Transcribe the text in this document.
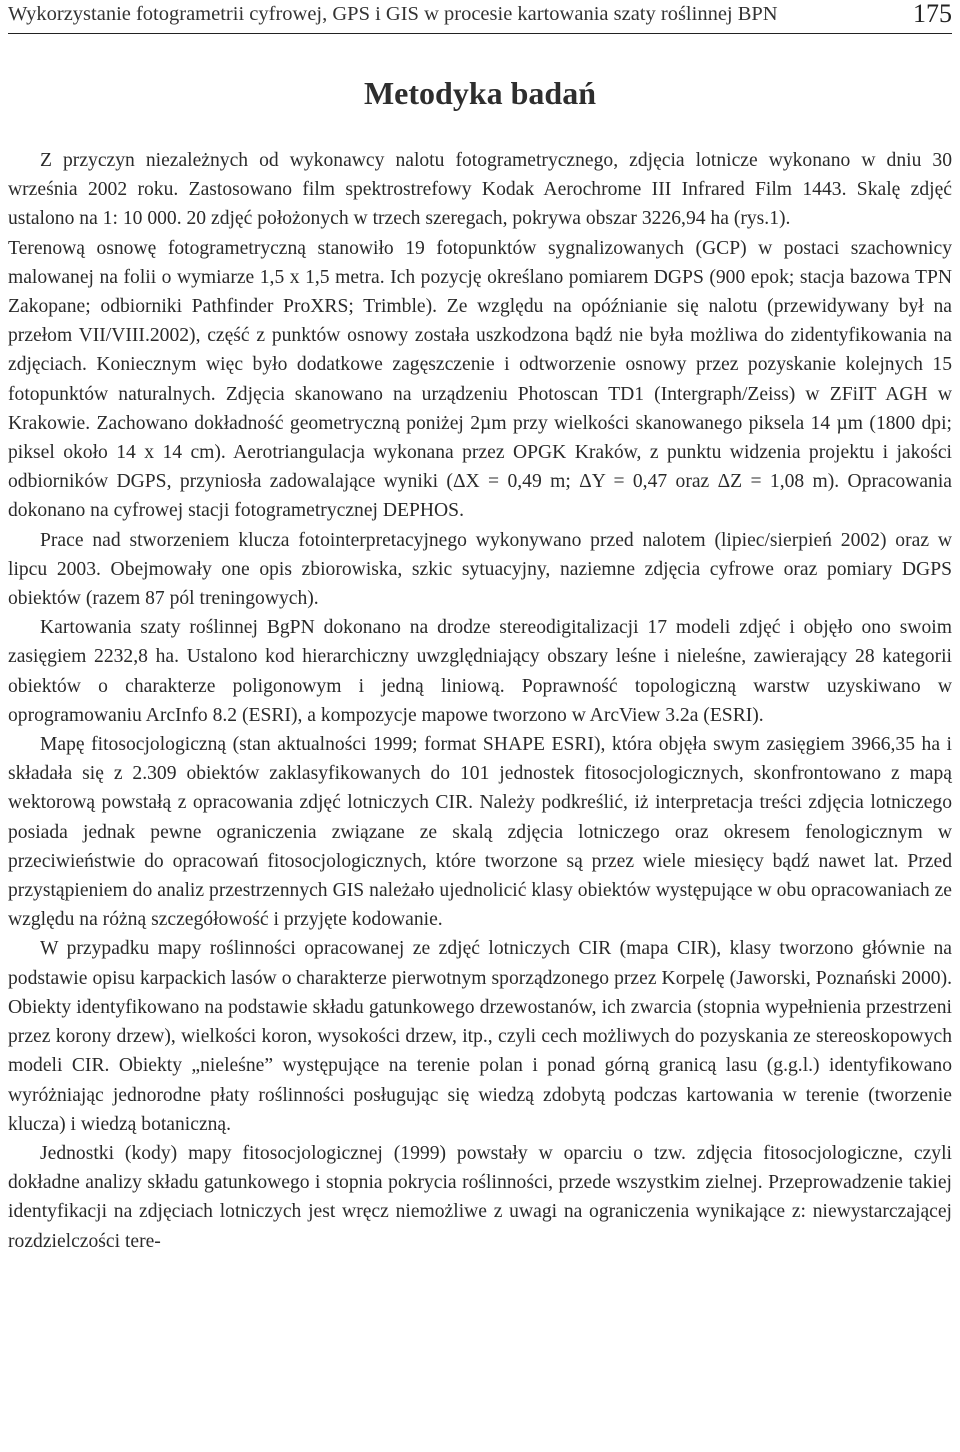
Wykorzystanie fotogrametrii cyfrowej, GPS i GIS w procesie kartowania szaty roślinnej BPN	175
Metodyka badań

Z przyczyn niezależnych od wykonawcy nalotu fotogrametrycznego, zdjęcia lotnicze wykonano w dniu 30 września 2002 roku. Zastosowano film spektrostrefowy Kodak Aerochrome III Infrared Film 1443. Skalę zdjęć ustalono na 1: 10 000. 20 zdjęć położonych w trzech szeregach, pokrywa obszar 3226,94 ha (rys.1).

Terenową osnowę fotogrametryczną stanowiło 19 fotopunktów sygnalizowanych (GCP) w postaci szachownicy malowanej na folii o wymiarze 1,5 x 1,5 metra. Ich pozycję określano pomiarem DGPS (900 epok; stacja bazowa TPN Zakopane; odbiorniki Pathfinder ProXRS; Trimble). Ze względu na opóźnianie się nalotu (przewidywany był na przełom VII/VIII.2002), część z punktów osnowy została uszkodzona bądź nie była możliwa do zidentyfikowania na zdjęciach. Koniecznym więc było dodatkowe zagęszczenie i odtworzenie osnowy przez pozyskanie kolejnych 15 fotopunktów naturalnych. Zdjęcia skanowano na urządzeniu Photoscan TD1 (Intergraph/Zeiss) w ZFiIT AGH w Krakowie. Zachowano dokładność geometryczną poniżej 2µm przy wielkości skanowanego piksela 14 µm (1800 dpi; piksel około 14 x 14 cm). Aerotriangulacja wykonana przez OPGK Kraków, z punktu widzenia projektu i jakości odbiorników DGPS, przyniosła zadowalające wyniki (ΔX = 0,49 m; ΔY = 0,47 oraz ΔZ = 1,08 m). Opracowania dokonano na cyfrowej stacji fotogrametrycznej DEPHOS.

Prace nad stworzeniem klucza fotointerpretacyjnego wykonywano przed nalotem (lipiec/sierpień 2002) oraz w lipcu 2003. Obejmowały one opis zbiorowiska, szkic sytuacyjny, naziemne zdjęcia cyfrowe oraz pomiary DGPS obiektów (razem 87 pól treningowych).

Kartowania szaty roślinnej BgPN dokonano na drodze stereodigitalizacji 17 modeli zdjęć i objęło ono swoim zasięgiem 2232,8 ha. Ustalono kod hierarchiczny uwzględniający obszary leśne i nieleśne, zawierający 28 kategorii obiektów o charakterze poligonowym i jedną liniową. Poprawność topologiczną warstw uzyskiwano w oprogramowaniu ArcInfo 8.2 (ESRI), a kompozycje mapowe tworzono w ArcView 3.2a (ESRI).

Mapę fitosocjologiczną (stan aktualności 1999; format SHAPE ESRI), która objęła swym zasięgiem 3966,35 ha i składała się z 2.309 obiektów zaklasyfikowanych do 101 jednostek fitosocjologicznych, skonfrontowano z mapą wektorową powstałą z opracowania zdjęć lotniczych CIR. Należy podkreślić, iż interpretacja treści zdjęcia lotniczego posiada jednak pewne ograniczenia związane ze skalą zdjęcia lotniczego oraz okresem fenologicznym w przeciwieństwie do opracowań fitosocjologicznych, które tworzone są przez wiele miesięcy bądź nawet lat. Przed przystąpieniem do analiz przestrzennych GIS należało ujednolicić klasy obiektów występujące w obu opracowaniach ze względu na różną szczegółowość i przyjęte kodowanie.

W przypadku mapy roślinności opracowanej ze zdjęć lotniczych CIR (mapa CIR), klasy tworzono głównie na podstawie opisu karpackich lasów o charakterze pierwotnym sporządzonego przez Korpelę (Jaworski, Poznański 2000). Obiekty identyfikowano na podstawie składu gatunkowego drzewostanów, ich zwarcia (stopnia wypełnienia przestrzeni przez korony drzew), wielkości koron, wysokości drzew, itp., czyli cech możliwych do pozyskania ze stereoskopowych modeli CIR. Obiekty „nieleśne” występujące na terenie polan i ponad górną granicą lasu (g.g.l.) identyfikowano wyróżniając jednorodne płaty roślinności posługując się wiedzą zdobytą podczas kartowania w terenie (tworzenie klucza) i wiedzą botaniczną.

Jednostki (kody) mapy fitosocjologicznej (1999) powstały w oparciu o tzw. zdjęcia fitosocjologiczne, czyli dokładne analizy składu gatunkowego i stopnia pokrycia roślinności, przede wszystkim zielnej. Przeprowadzenie takiej identyfikacji na zdjęciach lotniczych jest wręcz niemożliwe z uwagi na ograniczenia wynikające z: niewystarczającej rozdzielczości tere-
